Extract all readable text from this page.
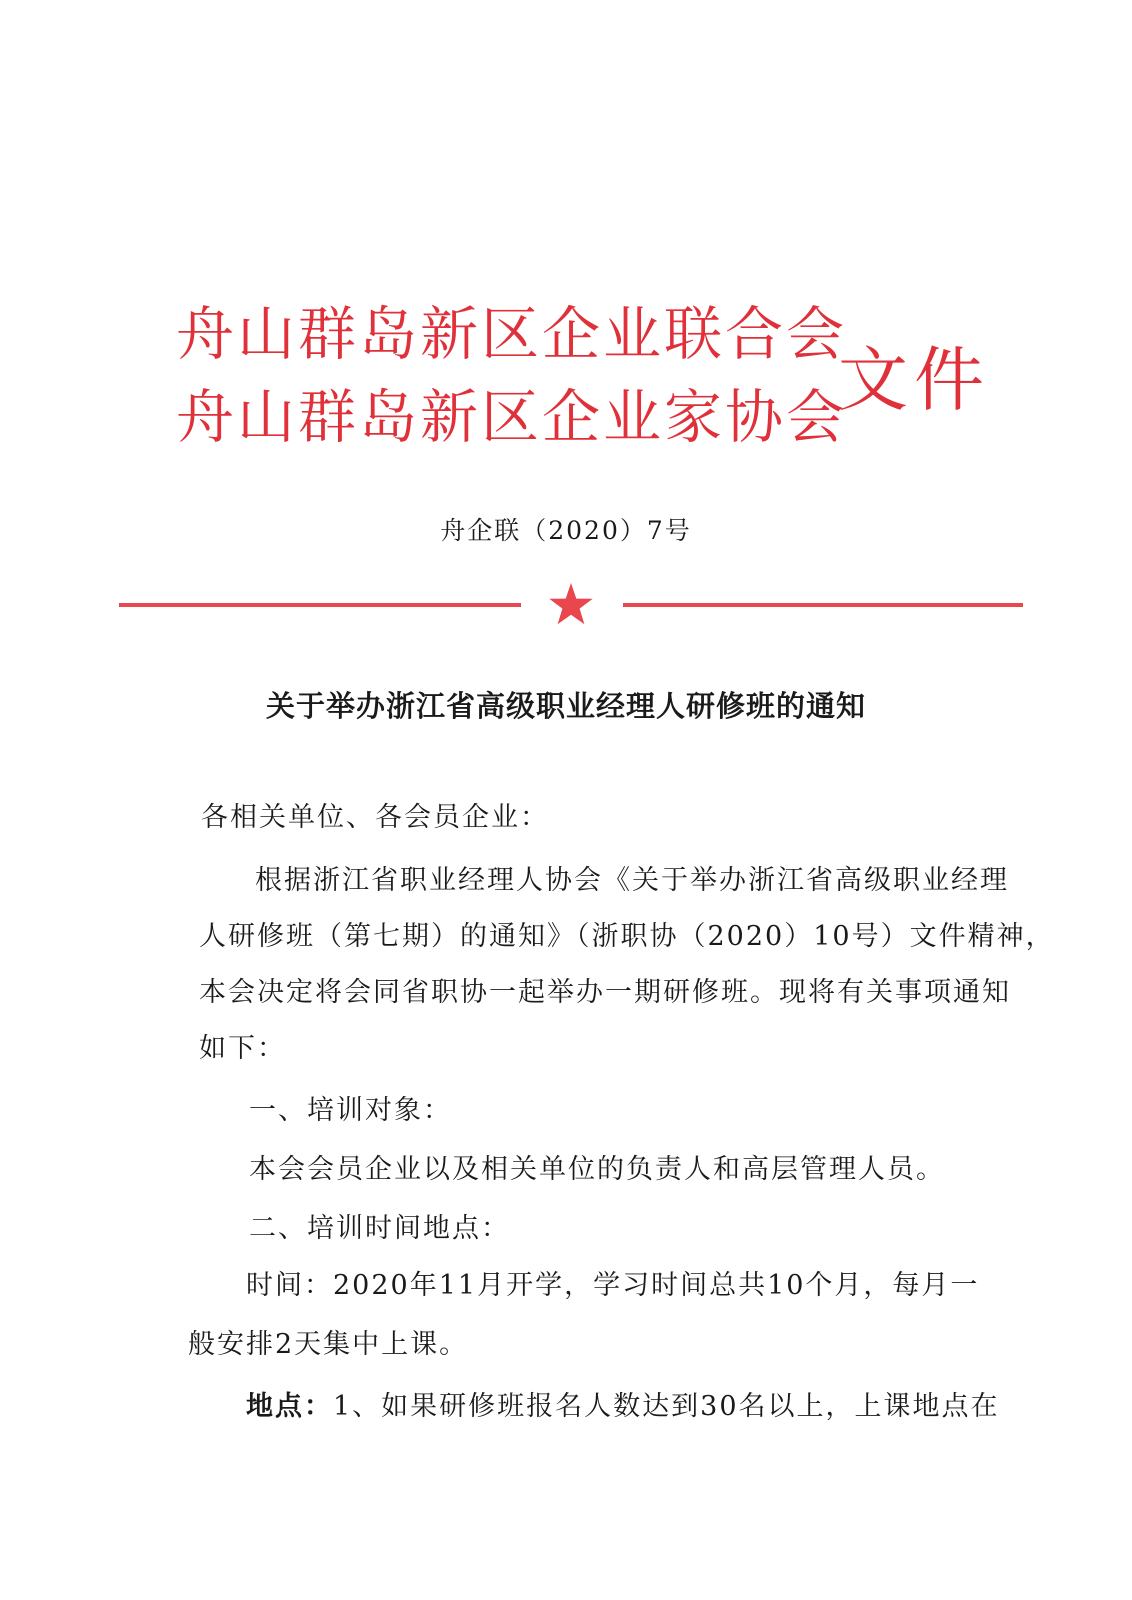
舟山群岛新区企业联合会
舟山群岛新区企业家协会
文件
舟企联（2020）7号
关于举办浙江省高级职业经理人研修班的通知
各相关单位、各会员企业：
根据浙江省职业经理人协会《关于举办浙江省高级职业经理
人研修班（第七期）的通知》（浙职协（2020）10号）文件精神，
本会决定将会同省职协一起举办一期研修班。现将有关事项通知
如下：
一、培训对象：
本会会员企业以及相关单位的负责人和高层管理人员。
二、培训时间地点：
时间：2020年11月开学，学习时间总共10个月，每月一
般安排2天集中上课。
地点：1、如果研修班报名人数达到30名以上，上课地点在
